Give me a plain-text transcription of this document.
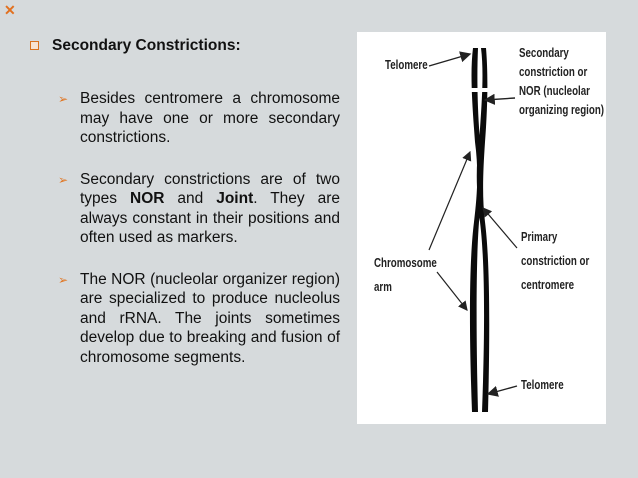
✕
Secondary Constrictions:
➢ Besides centromere a chromosome may have one or more secondary constrictions.
➢ Secondary constrictions are of two types NOR and Joint. They are always constant in their positions and often used as markers.
➢ The NOR (nucleolar organizer region) are specialized to produce nucleolus and rRNA. The joints sometimes develop due to breaking and fusion of chromosome segments.
Telomere
Secondary
constriction or
NOR (nucleolar
organizing region)
Chromosome
arm
Primary
constriction or
centromere
Telomere
